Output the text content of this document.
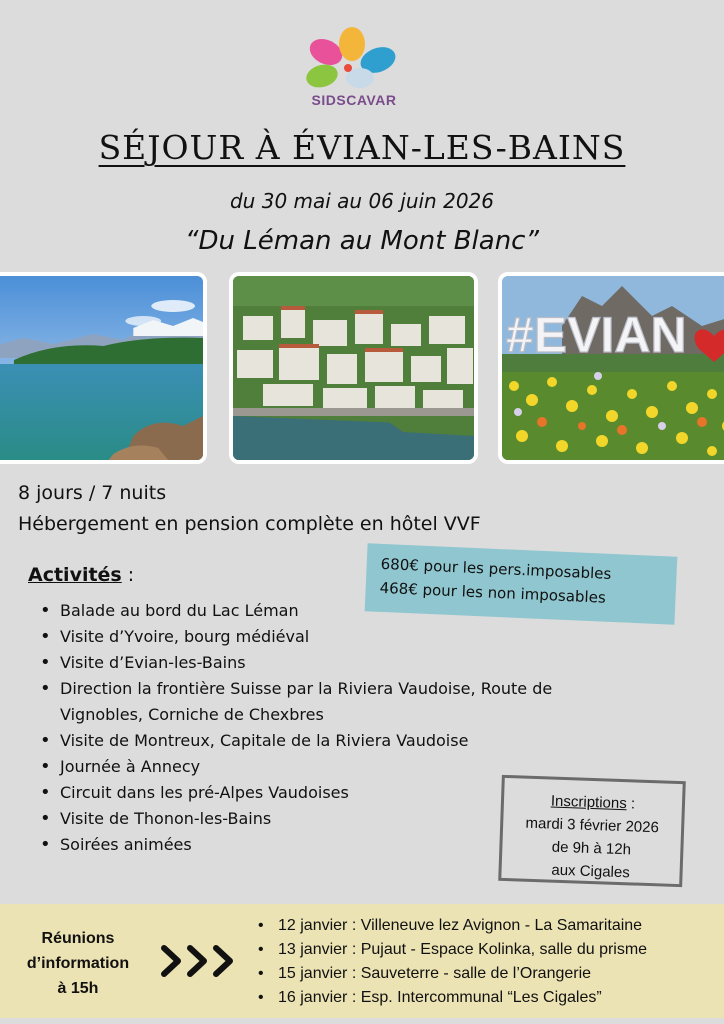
SIDSCAVAR
SÉJOUR À ÉVIAN-LES-BAINS
du 30 mai au 06 juin 2026
“Du Léman au Mont Blanc”
#EVIAN
8 jours / 7 nuits
Hébergement en pension complète en hôtel VVF
680€ pour les pers.imposables
468€ pour les non imposables
Activités :
• Balade au bord du Lac Léman
• Visite d’Yvoire, bourg médiéval
• Visite d’Evian-les-Bains
• Direction la frontière Suisse par la Riviera Vaudoise, Route de Vignobles, Corniche de Chexbres
• Visite de Montreux, Capitale de la Riviera Vaudoise
• Journée à Annecy
• Circuit dans les pré-Alpes Vaudoises
• Visite de Thonon-les-Bains
• Soirées animées
Inscriptions :
mardi 3 février 2026
de 9h à 12h
aux Cigales
Réunions
d’information
à 15h
• 12 janvier : Villeneuve lez Avignon - La Samaritaine
• 13 janvier : Pujaut - Espace Kolinka, salle du prisme
• 15 janvier : Sauveterre - salle de l’Orangerie
• 16 janvier : Esp. Intercommunal “Les Cigales”
